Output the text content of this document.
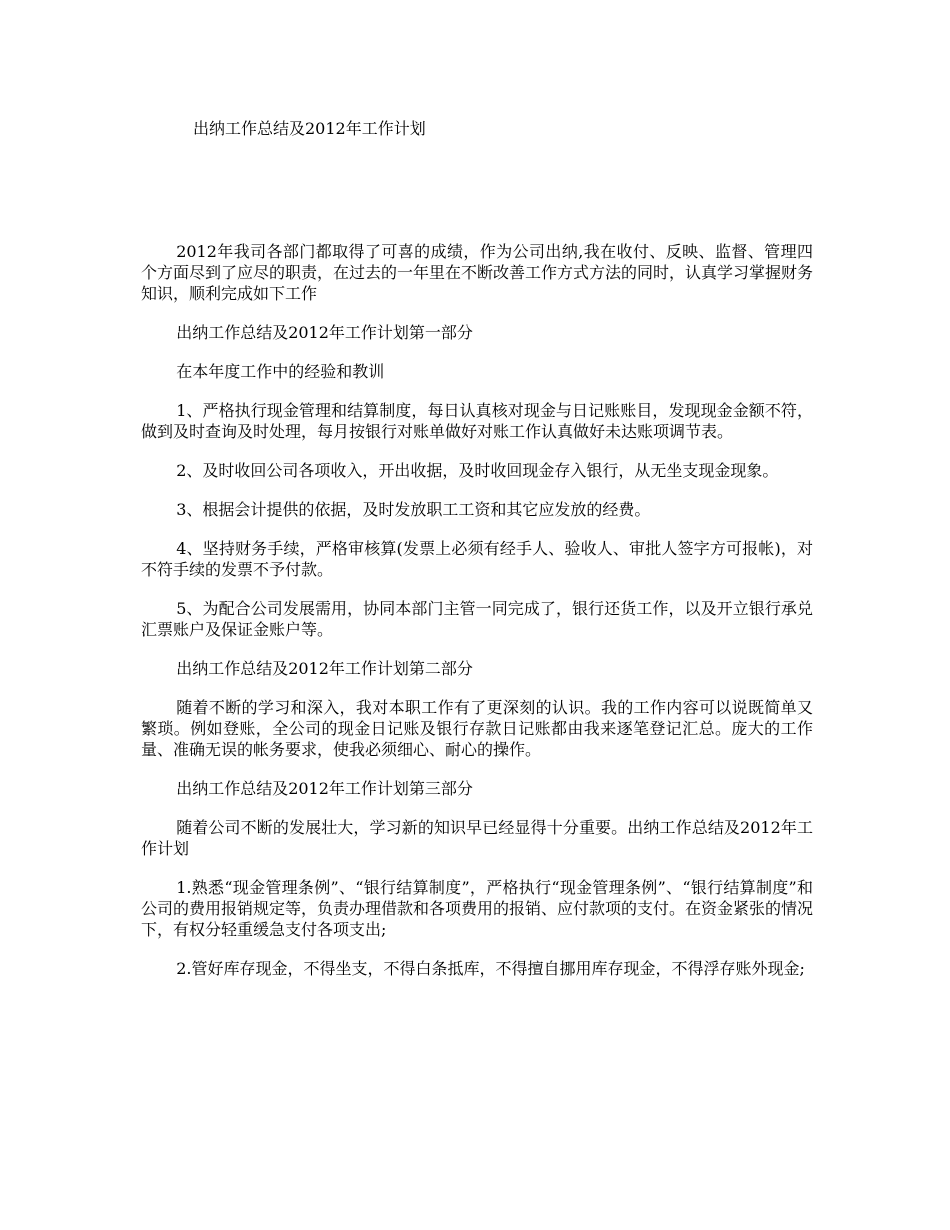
出纳工作总结及2012年工作计划

2012年我司各部门都取得了可喜的成绩，作为公司出纳,我在收付、反映、监督、管理四个方面尽到了应尽的职责，在过去的一年里在不断改善工作方式方法的同时，认真学习掌握财务知识，顺利完成如下工作

出纳工作总结及2012年工作计划第一部分

在本年度工作中的经验和教训

1、严格执行现金管理和结算制度，每日认真核对现金与日记账账目，发现现金金额不符，做到及时查询及时处理，每月按银行对账单做好对账工作认真做好未达账项调节表。

2、及时收回公司各项收入，开出收据，及时收回现金存入银行，从无坐支现金现象。

3、根据会计提供的依据，及时发放职工工资和其它应发放的经费。

4、坚持财务手续，严格审核算(发票上必须有经手人、验收人、审批人签字方可报帐)，对不符手续的发票不予付款。

5、为配合公司发展需用，协同本部门主管一同完成了，银行还货工作，以及开立银行承兑汇票账户及保证金账户等。

出纳工作总结及2012年工作计划第二部分

随着不断的学习和深入，我对本职工作有了更深刻的认识。我的工作内容可以说既简单又繁琐。例如登账，全公司的现金日记账及银行存款日记账都由我来逐笔登记汇总。庞大的工作量、准确无误的帐务要求，使我必须细心、耐心的操作。

出纳工作总结及2012年工作计划第三部分

随着公司不断的发展壮大，学习新的知识早已经显得十分重要。出纳工作总结及2012年工作计划

1.熟悉“现金管理条例”、“银行结算制度”，严格执行“现金管理条例”、“银行结算制度”和公司的费用报销规定等，负责办理借款和各项费用的报销、应付款项的支付。在资金紧张的情况下，有权分轻重缓急支付各项支出;

2.管好库存现金，不得坐支，不得白条抵库，不得擅自挪用库存现金，不得浮存账外现金;
